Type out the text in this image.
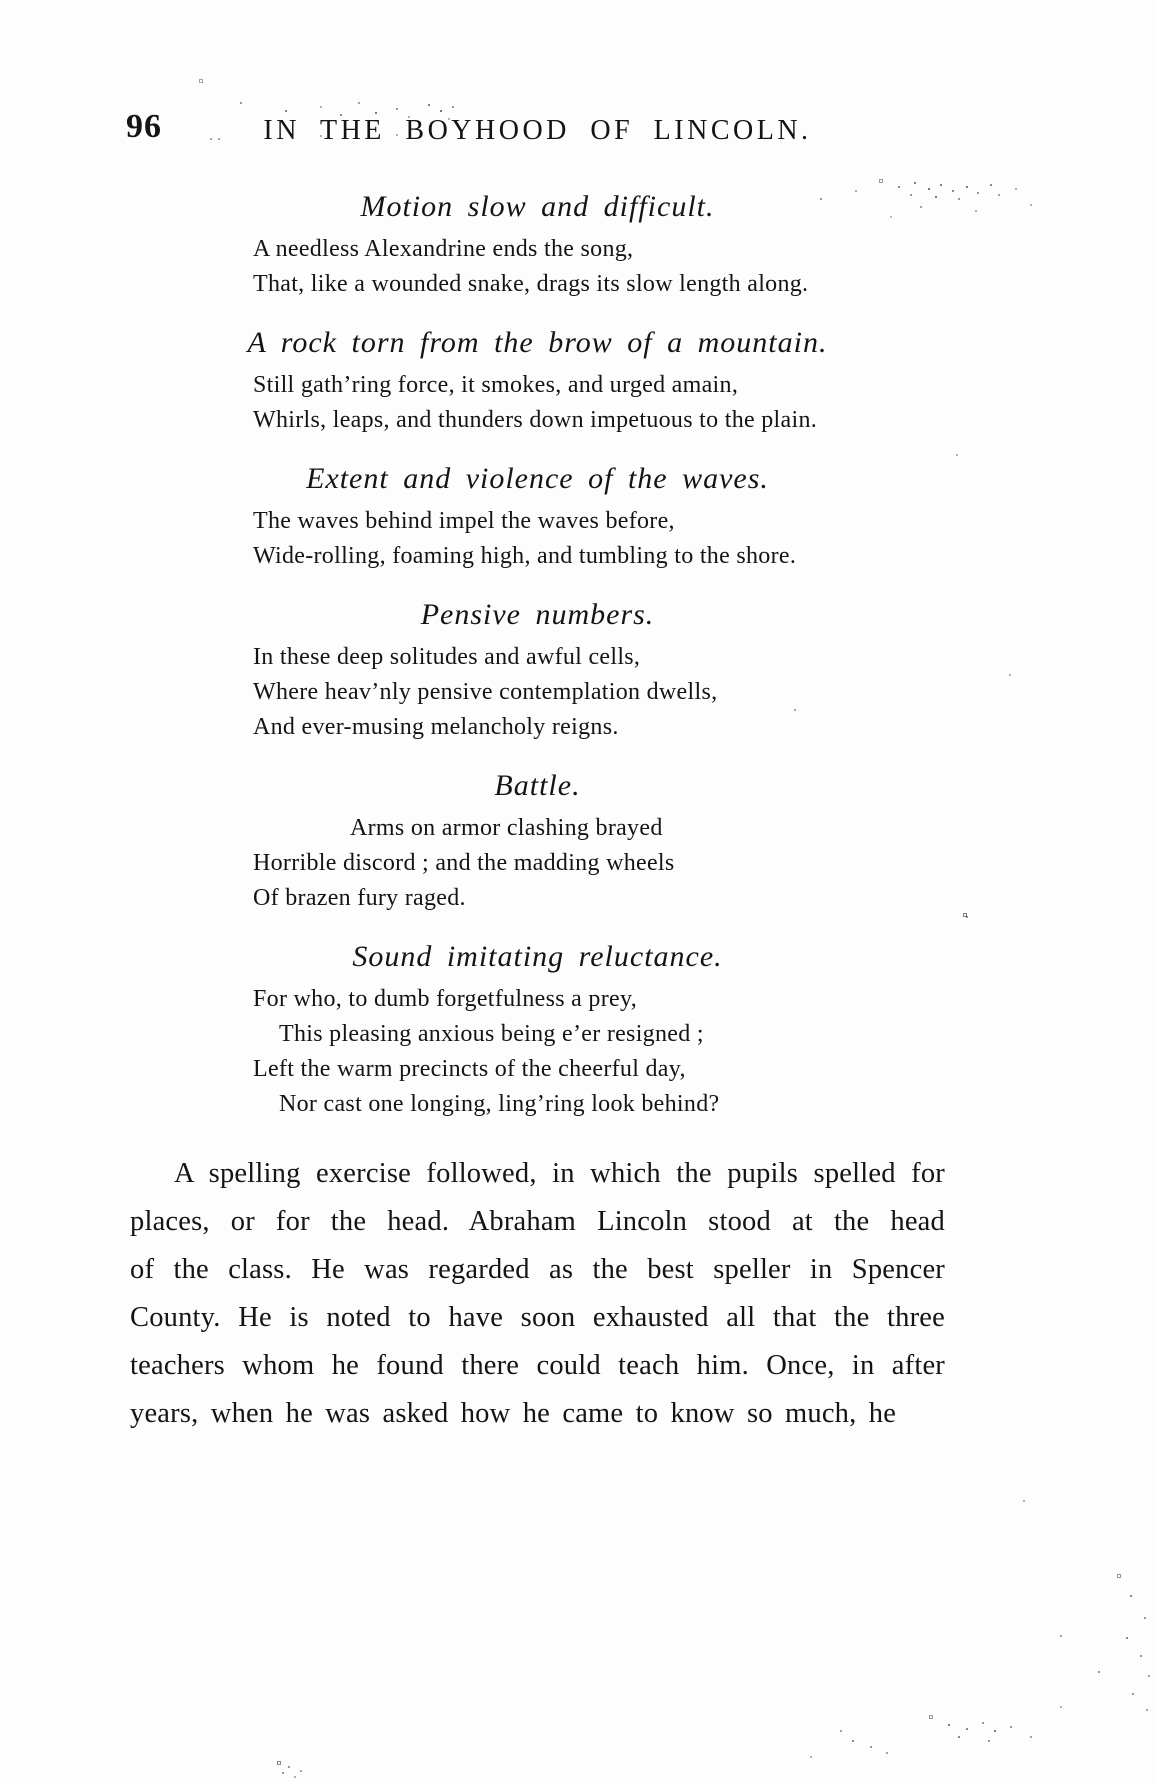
96	IN THE BOYHOOD OF LINCOLN.
Motion slow and difficult.
A needless Alexandrine ends the song,
That, like a wounded snake, drags its slow length along.
A rock torn from the brow of a mountain.
Still gath’ring force, it smokes, and urged amain,
Whirls, leaps, and thunders down impetuous to the plain.
Extent and violence of the waves.
The waves behind impel the waves before,
Wide-rolling, foaming high, and tumbling to the shore.
Pensive numbers.
In these deep solitudes and awful cells,
Where heav’nly pensive contemplation dwells,
And ever-musing melancholy reigns.
Battle.
Arms on armor clashing brayed
Horrible discord ; and the madding wheels
Of brazen fury raged.
Sound imitating reluctance.
For who, to dumb forgetfulness a prey,
This pleasing anxious being e’er resigned ;
Left the warm precincts of the cheerful day,
Nor cast one longing, ling’ring look behind?
A spelling exercise followed, in which the pupils spelled for
places, or for the head. Abraham Lincoln stood at the head
of the class. He was regarded as the best speller in Spencer
County. He is noted to have soon exhausted all that the three
teachers whom he found there could teach him. Once, in after
years, when he was asked how he came to know so much, he
